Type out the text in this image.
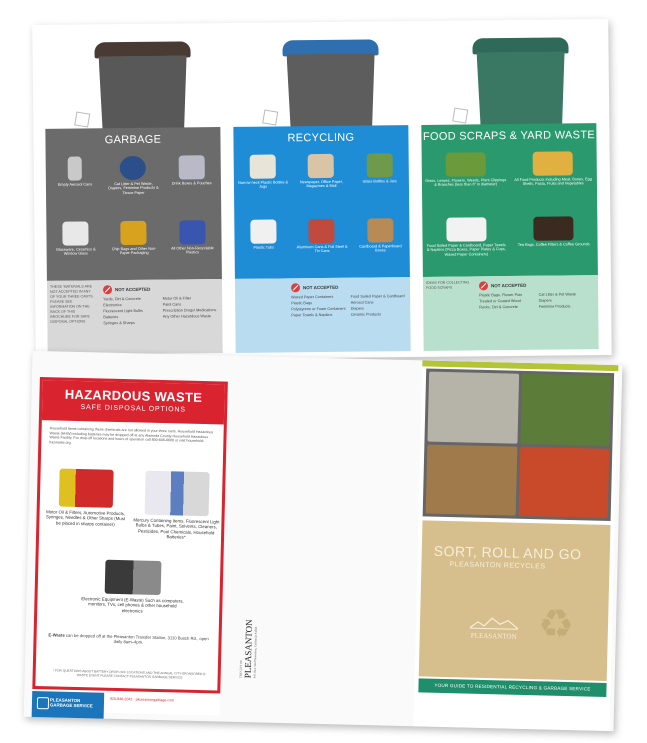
GARBAGE
Empty Aerosol Cans	Cat Litter & Pet Waste, Diapers, Feminine Products & Tissue Paper
Drink Boxes & Pouches
Glassware, Ceramics & Window Glass
Chip Bags and Other Non-Paper Packaging
All Other Non-Recyclable Plastics
THESE 'MATERIALS ARE NOT ACCEPTED IN ANY OF YOUR THREE CARTS. PLEASE SEE INFORMATION ON THE BACK OF THIS BROCHURE FOR SAFE DISPOSAL OPTIONS
NOT ACCEPTED
Yards, Dirt & Concrete	Motor Oil & Filter
Electronics	Paint Cans
Fluorescent Light Bulbs	Prescription Drugs/ Medications
Batteries	Any Other Hazardous Waste
Syringes & Sharps
RECYCLING
Narrow-neck Plastic Bottles & Jugs
Newspaper, Office Paper, Magazines & Mail
Glass Bottles & Jars
Plastic Tubs	Aluminum Cans & Foil Steel & Tin Cans
Cardboard & Paperboard Boxes
NOT ACCEPTED
Waxed Paper Containers	Food Soiled Paper & Cardboard
Plastic Bags	Aerosol Cans
Polystyrene or Foam Containers Diapers
Paper Towels & Napkins	Ceramic Products
FOOD SCRAPS & YARD WASTE
Grass, Leaves, Flowers, Weeds, Plant Clippings & Branches (less than 6" in diameter)
All Food Products Including Meat, Bones, Egg Shells, Pasta, Fruits and Vegetables
Food Soiled Paper & Cardboard, Paper Towels & Napkins (Pizza Boxes, Paper Plates & Cups, Waxed Paper Containers)
Tea Bags, Coffee Filters & Coffee Grounds
IDEAS FOR COLLECTING FOOD SCRAPS	NOT ACCEPTED
Plastic Bags, Flower Pots	Cat Litter & Pet Waste
Treated or Coated Wood	Diapers
Rocks, Dirt & Concrete	Feminine Products
HAZARDOUS WASTE
SAFE DISPOSAL OPTIONS
Household items containing these chemicals are not allowed in your three carts. Household Hazardous Waste (HHW) including batteries may be dropped off at any Alameda County Household Hazardous Waste Facility. For drop-off locations and hours of operation call 800-606-6606 or visit household-hazwaste.org
Motor Oil & Filters, Automotive Products, Syringes, Needles & Other Sharps (Must be placed in sharps container)	Mercury Containing Items, Fluorescent Light Bulbs & Tubes, Paint, Solvents, Cleaners, Pesticides, Pool Chemicals, Household Batteries*
Electronic Equipment (E-Waste) Such as computers, monitors, TVs, cell phones & other household electronics
E-Waste can be dropped off at the Pleasanton Transfer Station, 3110 Busch Rd., open daily 8am–4pm.
* FOR QUESTIONS ABOUT BATTERY DROP-OFF LOCATIONS AND THE ANNUAL CITY-SPONSORED E-WASTE EVENT PLEASE CONTACT PLEASANTON GARBAGE SERVICE
PLEASANTON GARBAGE SERVICE
925-846-2042 · pleasantongarbage.com
THE CITY OF PLEASANTON
P.O. Box 520 Pleasanton, California 94566
SORT, ROLL AND GO
PLEASANTON RECYCLES
PLEASANTON ♻
YOUR GUIDE TO RESIDENTIAL RECYCLING & GARBAGE SERVICE
